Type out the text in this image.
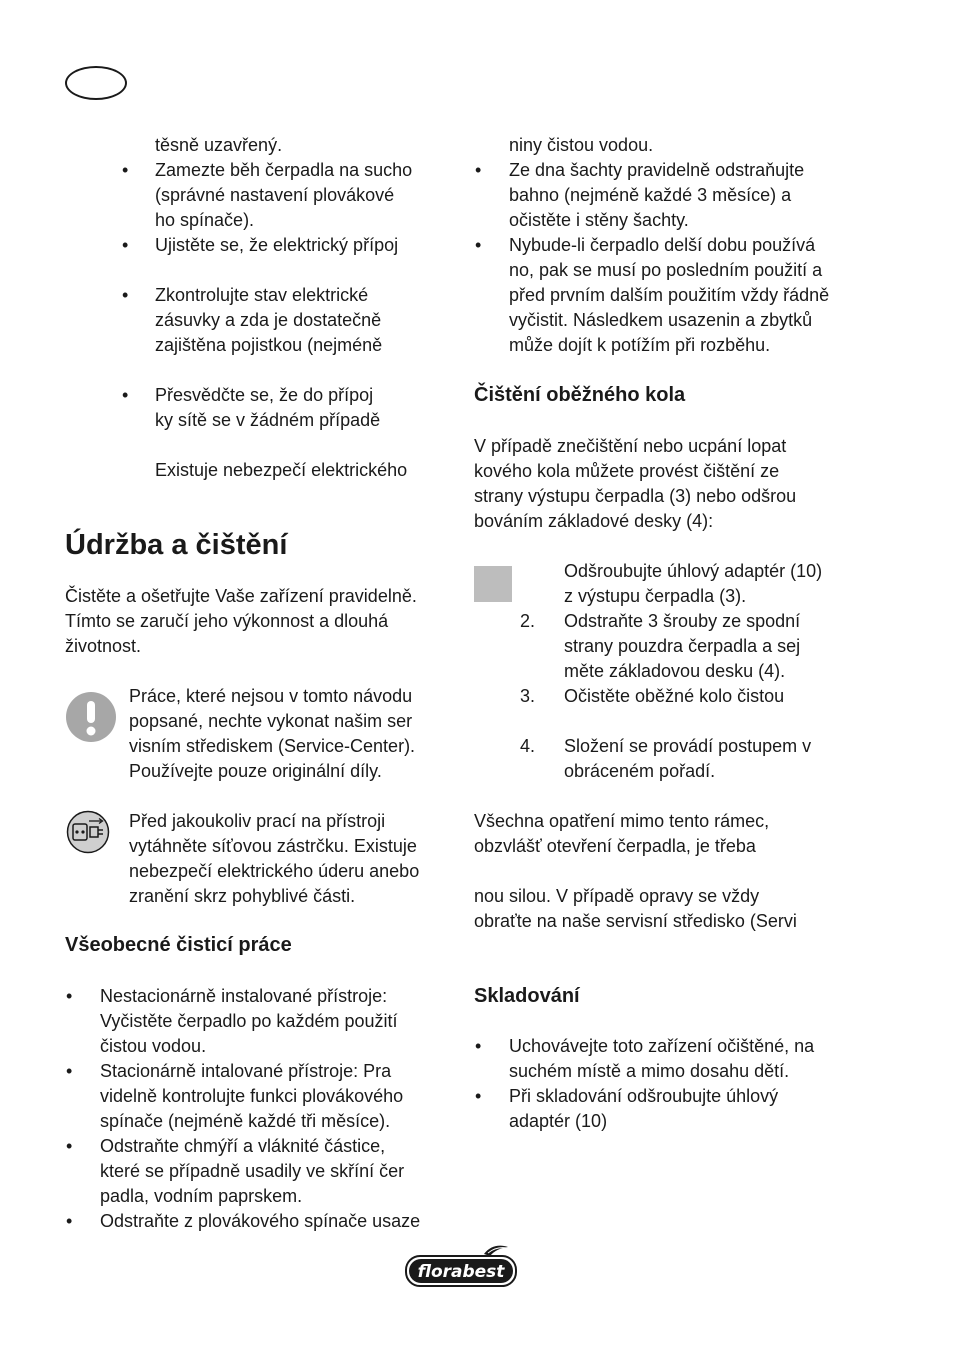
těsně uzavřený.
• Zamezte běh čerpadla na sucho
(správné nastavení plovákové
ho spínače).
• Ujistěte se, že elektrický přípoj
• Zkontrolujte stav elektrické
zásuvky a zda je dostatečně
zajištěna pojistkou (nejméně
• Přesvědčte se, že do přípoj
ky sítě se v žádném případě
Existuje nebezpečí elektrického
Údržba a čištění
Čistěte a ošetřujte Vaše zařízení pravidelně.
Tímto se zaručí jeho výkonnost a dlouhá
životnost.
Práce, které nejsou v tomto návodu
popsané, nechte vykonat našim ser
visním střediskem (Service-Center).
Používejte pouze originální díly.
Před jakoukoliv prací na přístroji
vytáhněte síťovou zástrčku. Existuje
nebezpečí elektrického úderu anebo
zranění skrz pohyblivé části.
Všeobecné čisticí práce
• Nestacionárně instalované přístroje:
Vyčistěte čerpadlo po každém použití
čistou vodou.
• Stacionárně intalované přístroje: Pra
videlně kontrolujte funkci plovákového
spínače (nejméně každé tři měsíce).
• Odstraňte chmýří a vláknité částice,
které se případně usadily ve skříní čer
padla, vodním paprskem.
• Odstraňte z plovákového spínače usaze
niny čistou vodou.
• Ze dna šachty pravidelně odstraňujte
bahno (nejméně každé 3 měsíce) a
očistěte i stěny šachty.
• Nybude-li čerpadlo delší dobu používá
no, pak se musí po posledním použití a
před prvním dalším použitím vždy řádně
vyčistit. Následkem usazenin a zbytků
může dojít k potížím při rozběhu.
Čištění oběžného kola
V případě znečištění nebo ucpání lopat
kového kola můžete provést čištění ze
strany výstupu čerpadla (3) nebo odšrou
bováním základové desky (4):
Odšroubujte úhlový adaptér (10)
z výstupu čerpadla (3).
2. Odstraňte 3 šrouby ze spodní
strany pouzdra čerpadla a sej
měte základovou desku (4).
3. Očistěte oběžné kolo čistou
4. Složení se provádí postupem v
obráceném pořadí.
Všechna opatření mimo tento rámec,
obzvlášť otevření čerpadla, je třeba
nou silou. V případě opravy se vždy
obraťte na naše servisní středisko (Servi
Skladování
• Uchovávejte toto zařízení očištěné, na
suchém místě a mimo dosahu dětí.
• Při skladování odšroubujte úhlový
adaptér (10)
florabest
